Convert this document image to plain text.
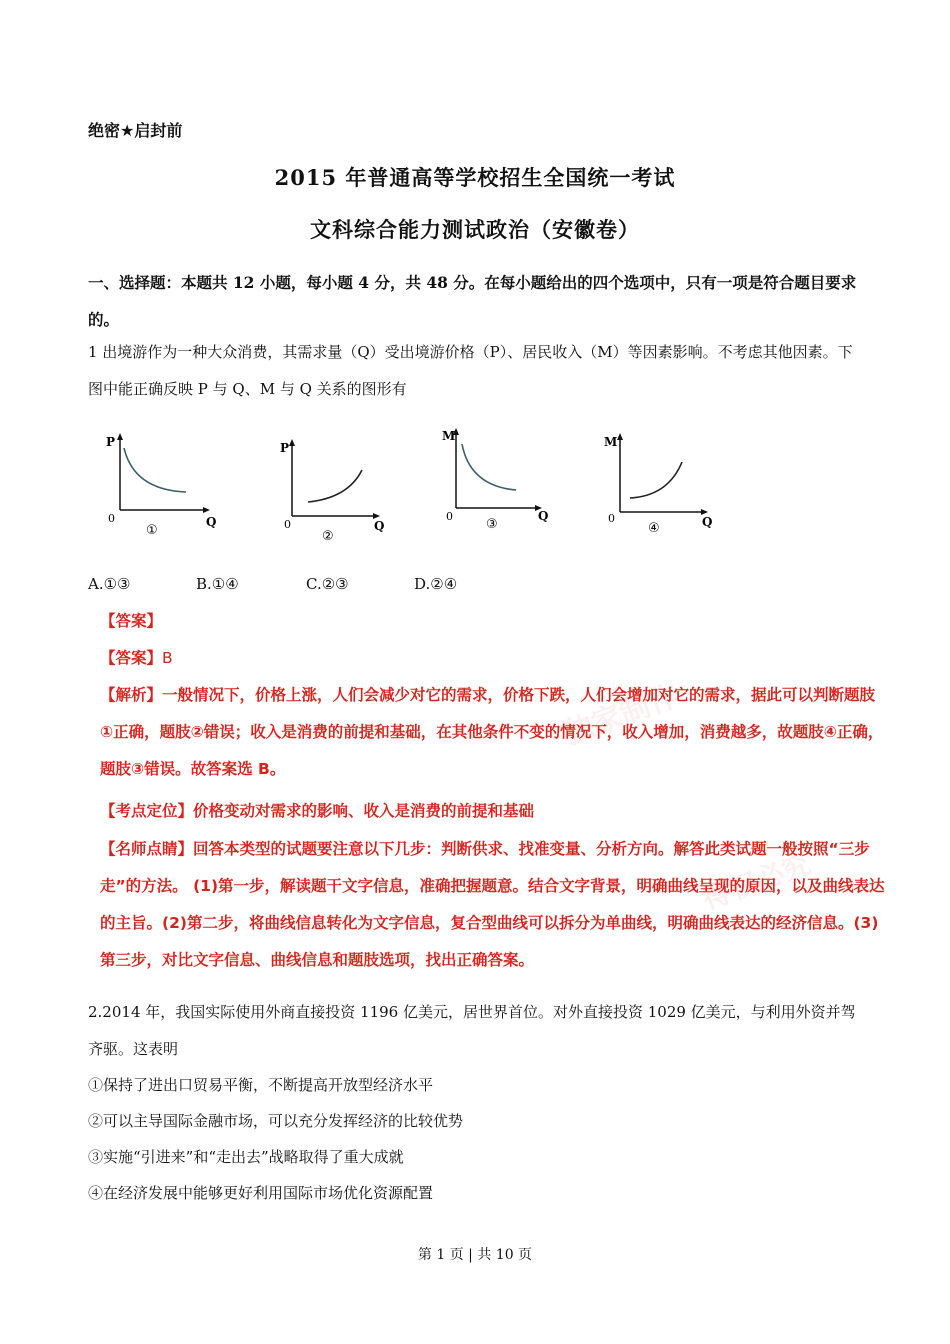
独家制作
得权必究
绝密★启封前
2015 年普通高等学校招生全国统一考试
文科综合能力测试政治（安徽卷）
一、选择题：本题共 12 小题，每小题 4 分，共 48 分。在每小题给出的四个选项中，只有一项是符合题目要求的。
1 出境游作为一种大众消费，其需求量（Q）受出境游价格（P）、居民收入（M）等因素影响。不考虑其他因素。下图中能正确反映 P 与 Q、M 与 Q 关系的图形有
P
Q
0
①
P
Q
0
②
M
Q
0
③
M
Q
0
④
A.①③	B.①④	C.②③	D.②④
【答案】
【答案】B
【解析】一般情况下，价格上涨，人们会减少对它的需求，价格下跌，人们会增加对它的需求，据此可以判断题肢①正确，题肢②错误；收入是消费的前提和基础，在其他条件不变的情况下，收入增加，消费越多，故题肢④正确，题肢③错误。故答案选 B。
【考点定位】价格变动对需求的影响、收入是消费的前提和基础
【名师点睛】回答本类型的试题要注意以下几步：判断供求、找准变量、分析方向。解答此类试题一般按照“三步走”的方法。 (1)第一步，解读题干文字信息，准确把握题意。结合文字背景，明确曲线呈现的原因，以及曲线表达的主旨。(2)第二步，将曲线信息转化为文字信息，复合型曲线可以拆分为单曲线，明确曲线表达的经济信息。(3)第三步，对比文字信息、曲线信息和题肢选项，找出正确答案。
2.2014 年，我国实际使用外商直接投资 1196 亿美元，居世界首位。对外直接投资 1029 亿美元，与利用外资并驾齐驱。这表明
①保持了进出口贸易平衡，不断提高开放型经济水平
②可以主导国际金融市场，可以充分发挥经济的比较优势
③实施“引进来”和“走出去”战略取得了重大成就
④在经济发展中能够更好利用国际市场优化资源配置
第 1 页 | 共 10 页
